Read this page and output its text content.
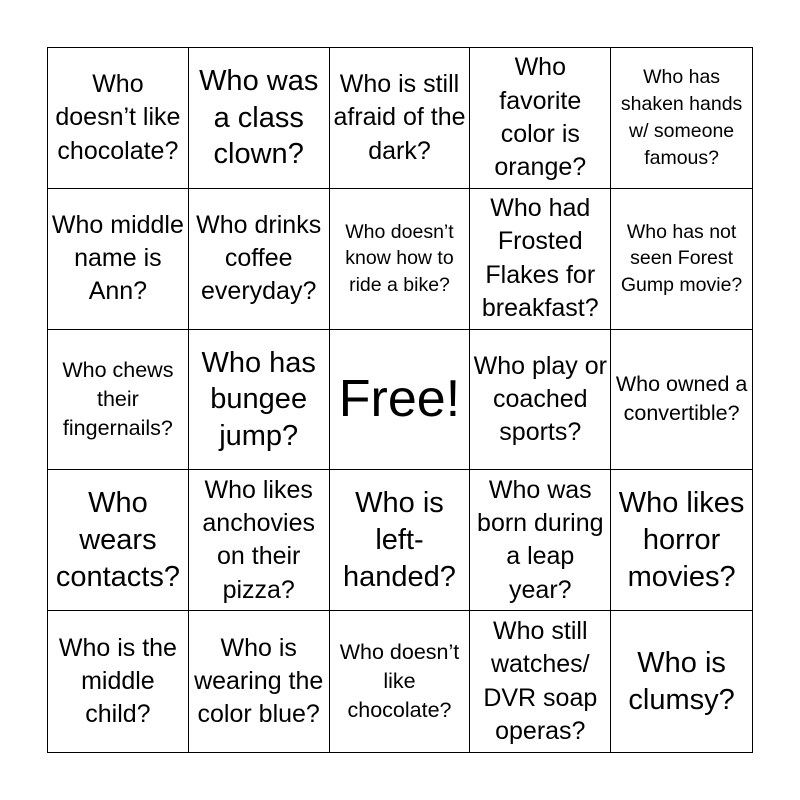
Who doesn’t like chocolate?
Who was a class clown?
Who is still afraid of the dark?
Who favorite color is orange?
Who has shaken hands w/ someone famous?
Who middle name is Ann?
Who drinks coffee everyday?
Who doesn’t know how to ride a bike?
Who had Frosted Flakes for breakfast?
Who has not seen Forest Gump movie?
Who chews their fingernails?
Who has bungee jump?
Free!
Who play or coached sports?
Who owned a convertible?
Who wears contacts?
Who likes anchovies on their pizza?
Who is left-handed?
Who was born during a leap year?
Who likes horror movies?
Who is the middle child?
Who is wearing the color blue?
Who doesn’t like chocolate?
Who still watches/ DVR soap operas?
Who is clumsy?
